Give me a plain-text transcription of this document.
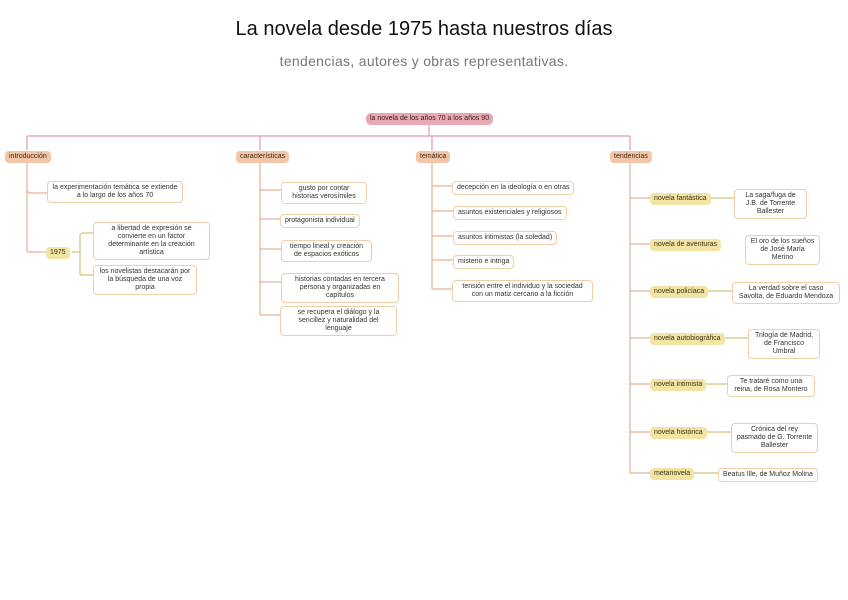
La novela desde 1975 hasta nuestros días
tendencias, autores y obras representativas.
la novela de los años 70 a los años 90
introducción	características	temática	tendencias
la experimentación temática se extiende a lo largo de los años 70
1975
a libertad de expresión se convierte en un factor determinante en la creación artística
los novelistas destacarán por la búsqueda de una voz propia
gusto por contar historias verosímiles
protagonista individual
tiempo lineal y creación de espacios exóticos
historias contadas en tercera persona y organizadas en capítulos
se recupera el diálogo y la sencillez y naturalidad del lenguaje
decepción en la ideología o en otras
asuntos existenciales y religiosos
asuntos intimistas (la soledad)
misterio e intriga
tensión entre el individuo y la sociedad con un matiz cercano a la ficción
novela fantástica
novela de aventuras
novela policíaca
novela autobiográfica
novela intimista
novela histórica
metanovela
La saga/fuga de J.B. de Torrente Ballester
El oro de los sueños de José María Merino
La verdad sobre el caso Savolta, de Eduardo Mendoza
Trilogía de Madrid, de Francisco Umbral
Te trataré como una reina, de Rosa Montero
Crónica del rey pasmado de G. Torrente Ballester
Beatus Ille, de Muñoz Molina
